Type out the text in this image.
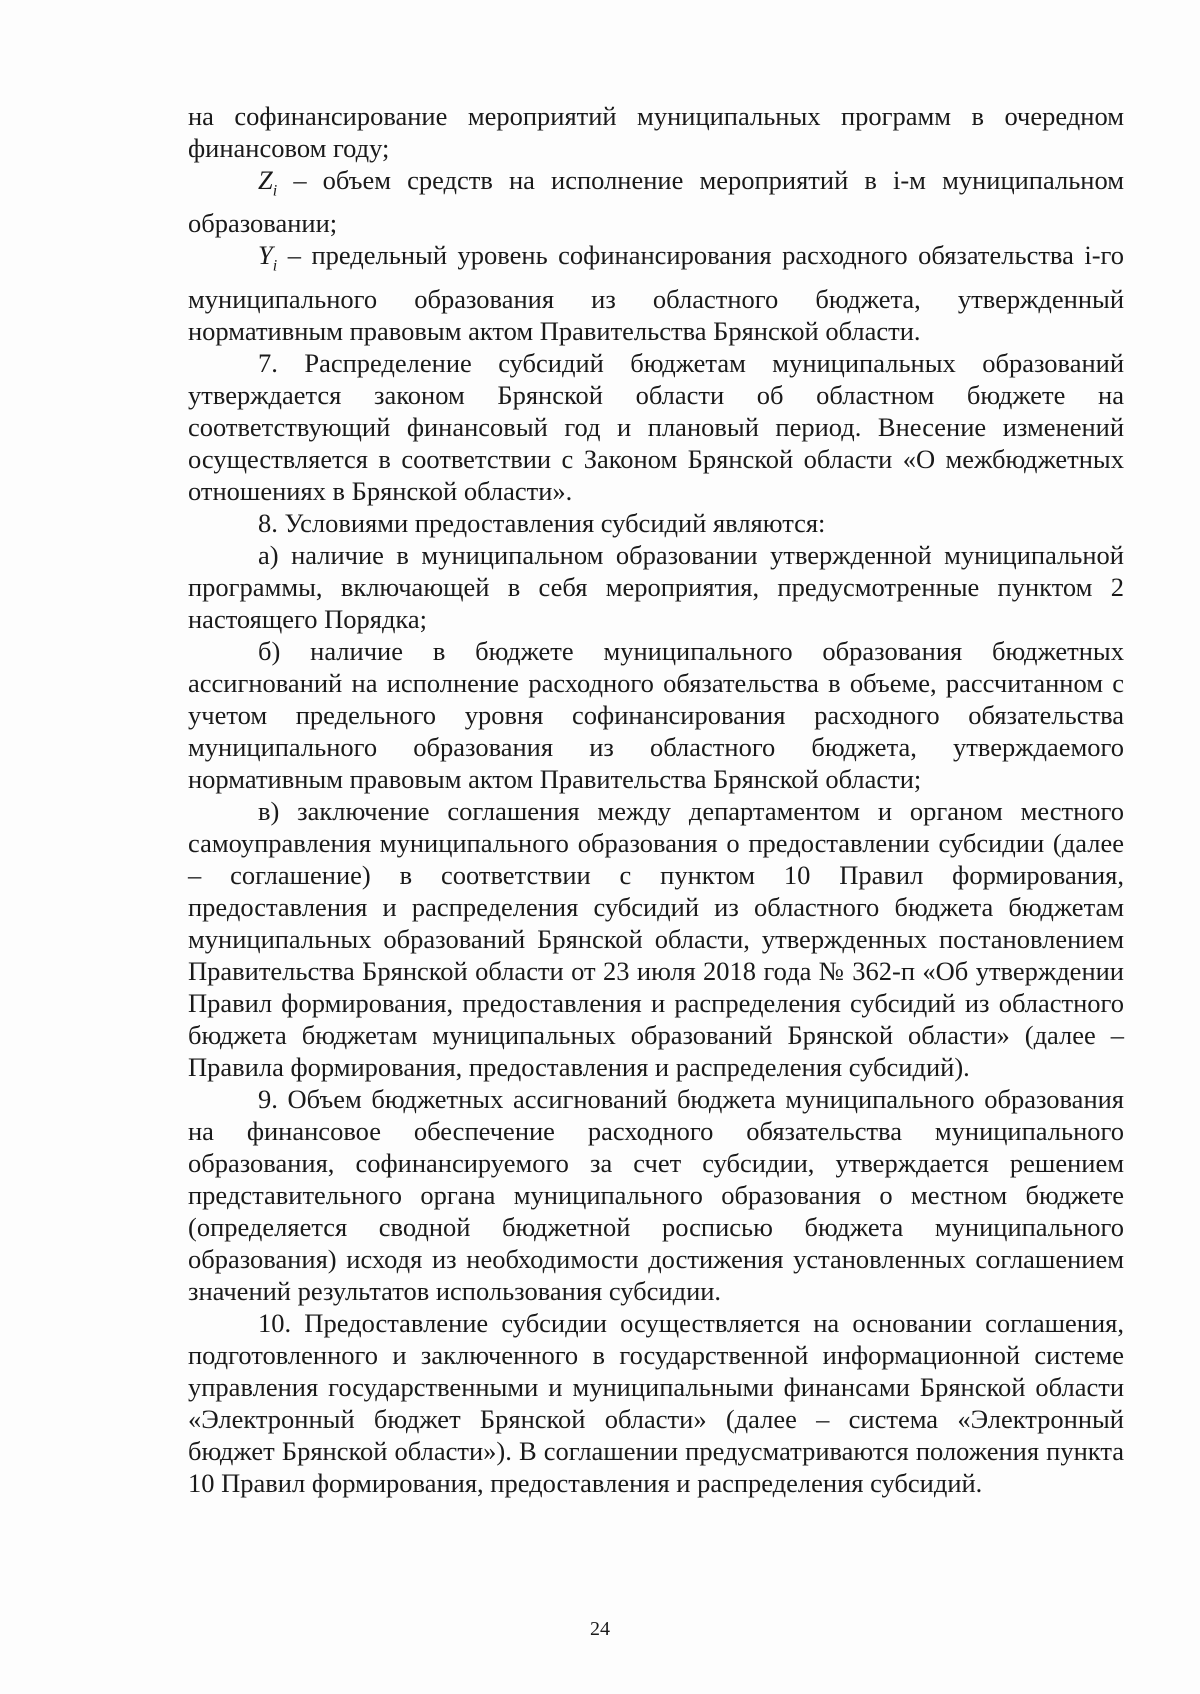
на софинансирование мероприятий муниципальных программ в очередном финансовом году;

$Z_i$ – объем средств на исполнение мероприятий в i-м муниципальном образовании;

$Y_i$ – предельный уровень софинансирования расходного обязательства i-го муниципального образования из областного бюджета, утвержденный нормативным правовым актом Правительства Брянской области.

7. Распределение субсидий бюджетам муниципальных образований утверждается законом Брянской области об областном бюджете на соответствующий финансовый год и плановый период. Внесение изменений осуществляется в соответствии с Законом Брянской области «О межбюджетных отношениях в Брянской области».

8. Условиями предоставления субсидий являются:

а) наличие в муниципальном образовании утвержденной муниципальной программы, включающей в себя мероприятия, предусмотренные пунктом 2 настоящего Порядка;

б) наличие в бюджете муниципального образования бюджетных ассигнований на исполнение расходного обязательства в объеме, рассчитанном с учетом предельного уровня софинансирования расходного обязательства муниципального образования из областного бюджета, утверждаемого нормативным правовым актом Правительства Брянской области;

в) заключение соглашения между департаментом и органом местного самоуправления муниципального образования о предоставлении субсидии (далее – соглашение) в соответствии с пунктом 10 Правил формирования, предоставления и распределения субсидий из областного бюджета бюджетам муниципальных образований Брянской области, утвержденных постановлением Правительства Брянской области от 23 июля 2018 года № 362-п «Об утверждении Правил формирования, предоставления и распределения субсидий из областного бюджета бюджетам муниципальных образований Брянской области» (далее – Правила формирования, предоставления и распределения субсидий).

9. Объем бюджетных ассигнований бюджета муниципального образования на финансовое обеспечение расходного обязательства муниципального образования, софинансируемого за счет субсидии, утверждается решением представительного органа муниципального образования о местном бюджете (определяется сводной бюджетной росписью бюджета муниципального образования) исходя из необходимости достижения установленных соглашением значений результатов использования субсидии.

10. Предоставление субсидии осуществляется на основании соглашения, подготовленного и заключенного в государственной информационной системе управления государственными и муниципальными финансами Брянской области «Электронный бюджет Брянской области» (далее – система «Электронный бюджет Брянской области»). В соглашении предусматриваются положения пункта 10 Правил формирования, предоставления и распределения субсидий.

24
